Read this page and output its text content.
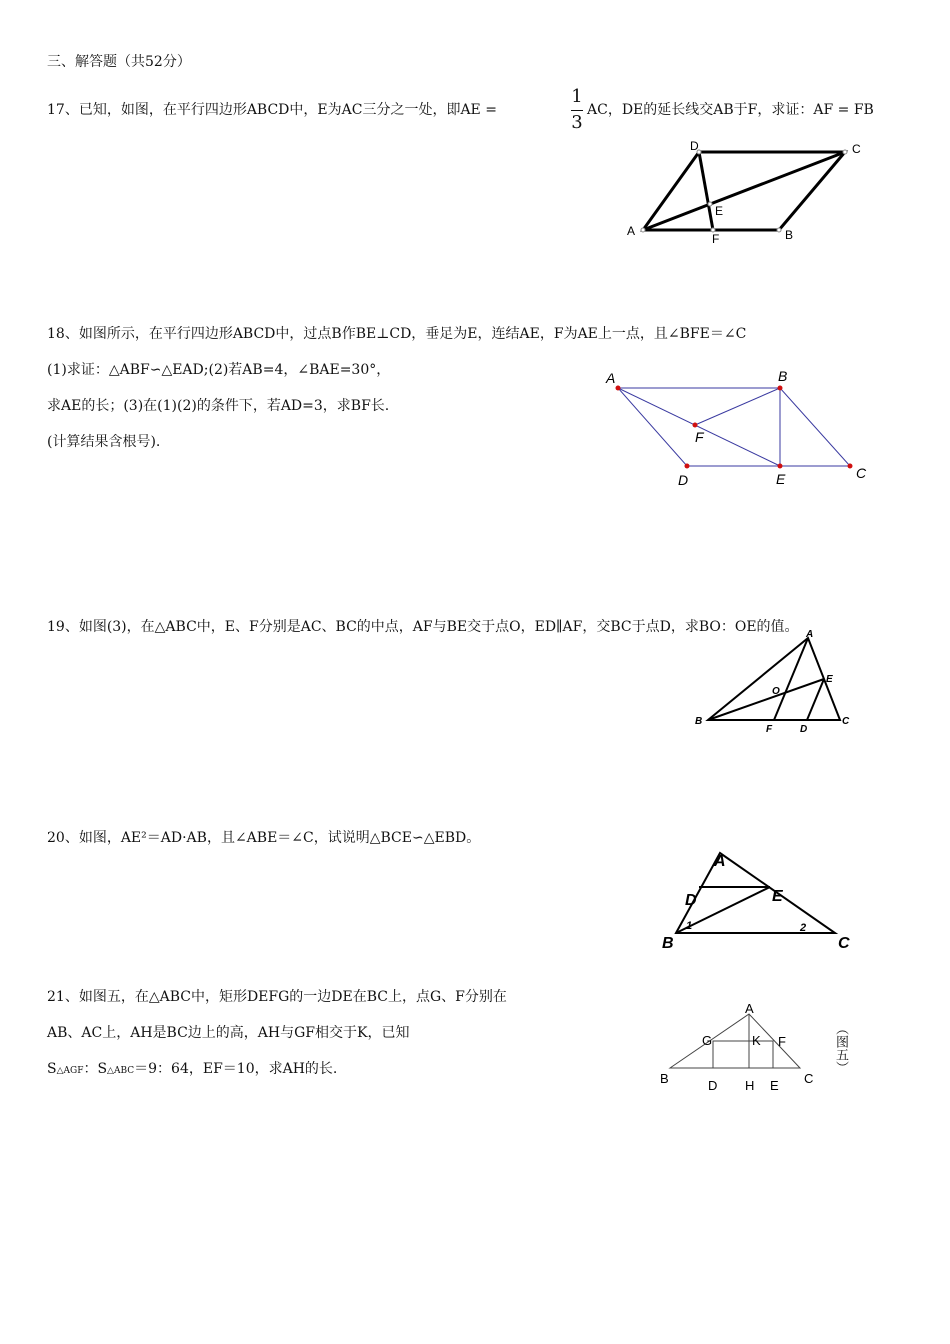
三、解答题（共52分）
17、已知，如图，在平行四边形ABCD中，E为AC三分之一处，即AE =
1
3
AC，DE的延长线交AB于F，求证：AF = FB
A	B
C
D
E
F
18、如图所示，在平行四边形ABCD中，过点B作BE⊥CD，垂足为E，连结AE，F为AE上一点，且∠BFE＝∠C
(1)求证：△ABF∽△EAD;(2)若AB=4，∠BAE=30°，
求AE的长；(3)在(1)(2)的条件下，若AD=3，求BF长.
(计算结果含根号).
A	B
C
D	E
F
19、如图(3)，在△ABC中，E、F分别是AC、BC的中点，AF与BE交于点O，ED∥AF，交BC于点D，求BO：OE的值。 A
B	C
D
E
F
O
20、如图，AE²＝AD·AB，且∠ABE＝∠C，试说明△BCE∽△EBD。
A
B	C
D	E
1	2
21、如图五，在△ABC中，矩形DEFG的一边DE在BC上，点G、F分别在
AB、AC上，AH是BC边上的高，AH与GF相交于K，已知
S△AGF：S△ABC＝9：64，EF＝10，求AH的长.
A
B	C
D	E
F
G
H
K	（图五）
